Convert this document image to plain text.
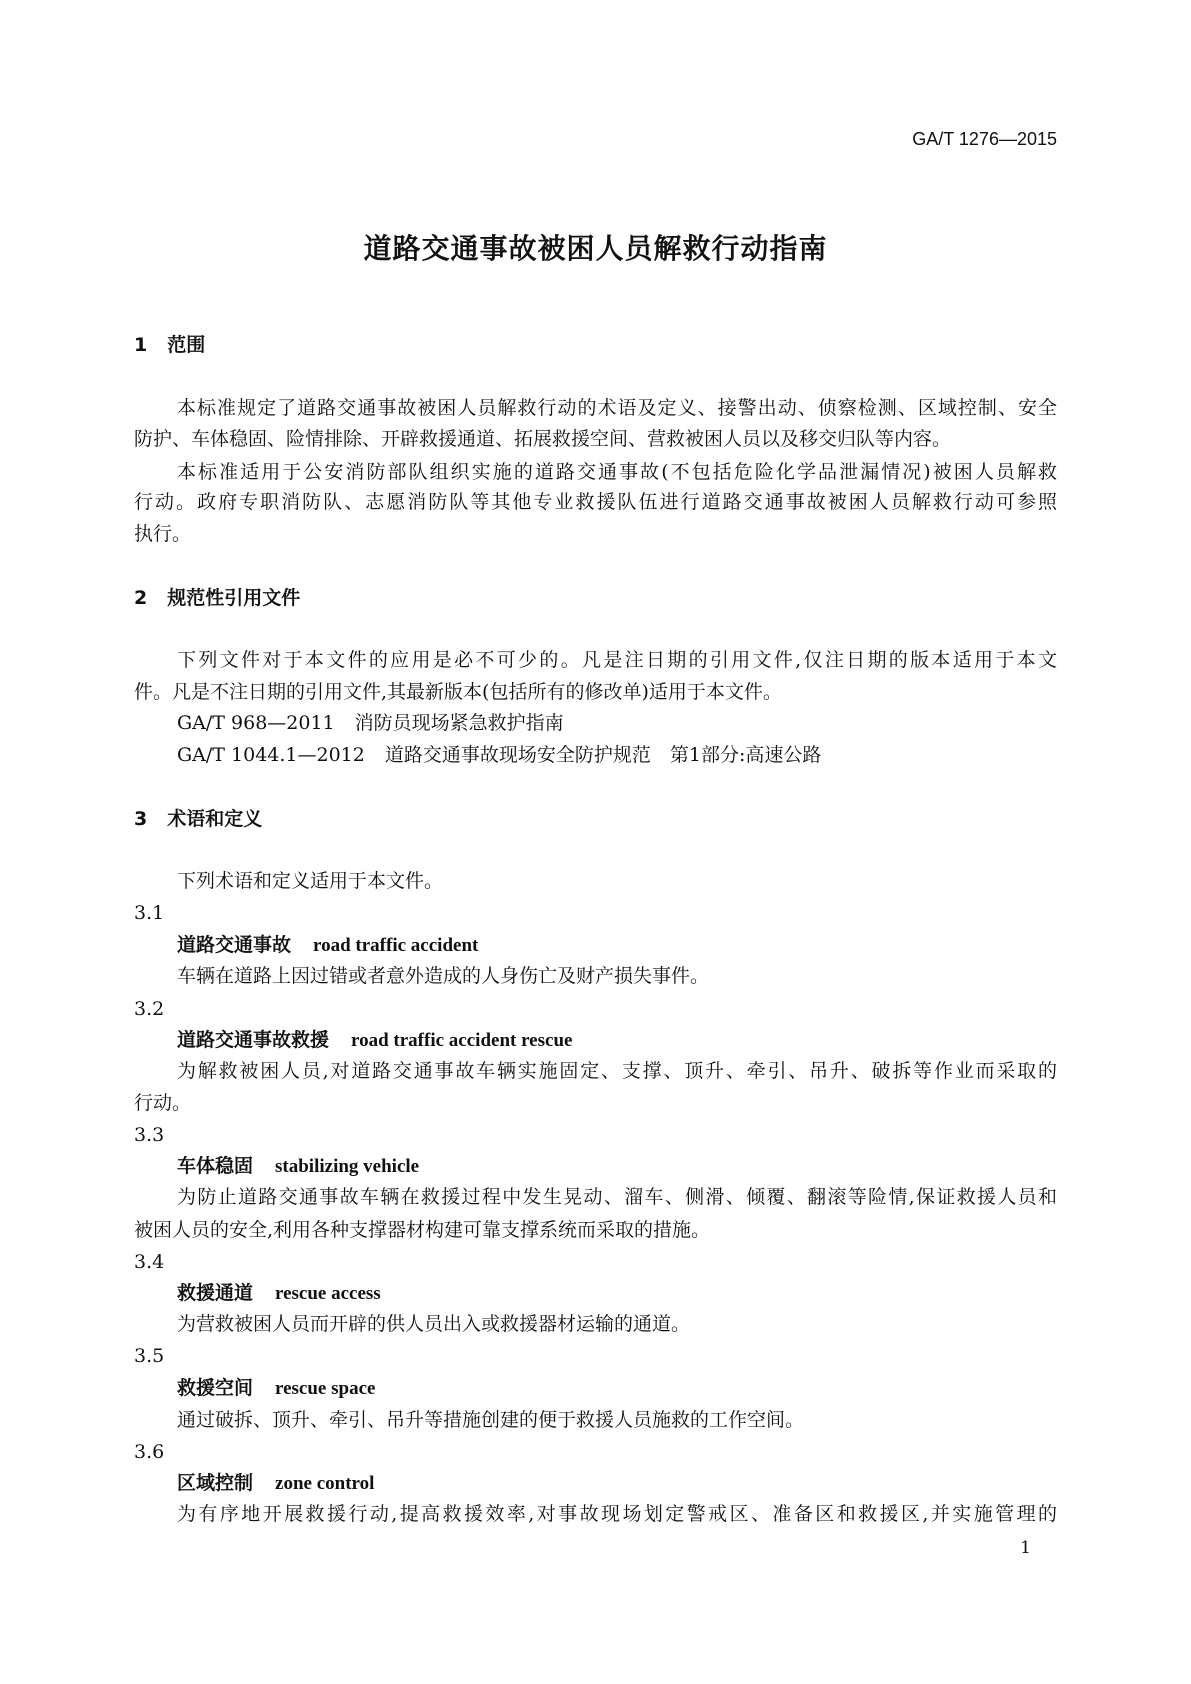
GA/T 1276—2015
道路交通事故被困人员解救行动指南
1 范围
本标准规定了道路交通事故被困人员解救行动的术语及定义、接警出动、侦察检测、区域控制、安全
防护、车体稳固、险情排除、开辟救援通道、拓展救援空间、营救被困人员以及移交归队等内容。
本标准适用于公安消防部队组织实施的道路交通事故(不包括危险化学品泄漏情况)被困人员解救
行动。政府专职消防队、志愿消防队等其他专业救援队伍进行道路交通事故被困人员解救行动可参照
执行。
2 规范性引用文件
下列文件对于本文件的应用是必不可少的。凡是注日期的引用文件,仅注日期的版本适用于本文
件。凡是不注日期的引用文件,其最新版本(包括所有的修改单)适用于本文件。
GA/T 968—2011 消防员现场紧急救护指南
GA/T 1044.1—2012 道路交通事故现场安全防护规范　第1部分:高速公路
3 术语和定义
下列术语和定义适用于本文件。
3.1
道路交通事故 road traffic accident
车辆在道路上因过错或者意外造成的人身伤亡及财产损失事件。
3.2
道路交通事故救援 road traffic accident rescue
为解救被困人员,对道路交通事故车辆实施固定、支撑、顶升、牵引、吊升、破拆等作业而采取的
行动。
3.3
车体稳固 stabilizing vehicle
为防止道路交通事故车辆在救援过程中发生晃动、溜车、侧滑、倾覆、翻滚等险情,保证救援人员和
被困人员的安全,利用各种支撑器材构建可靠支撑系统而采取的措施。
3.4
救援通道 rescue access
为营救被困人员而开辟的供人员出入或救援器材运输的通道。
3.5
救援空间 rescue space
通过破拆、顶升、牵引、吊升等措施创建的便于救援人员施救的工作空间。
3.6
区域控制 zone control
为有序地开展救援行动,提高救援效率,对事故现场划定警戒区、准备区和救援区,并实施管理的
1
